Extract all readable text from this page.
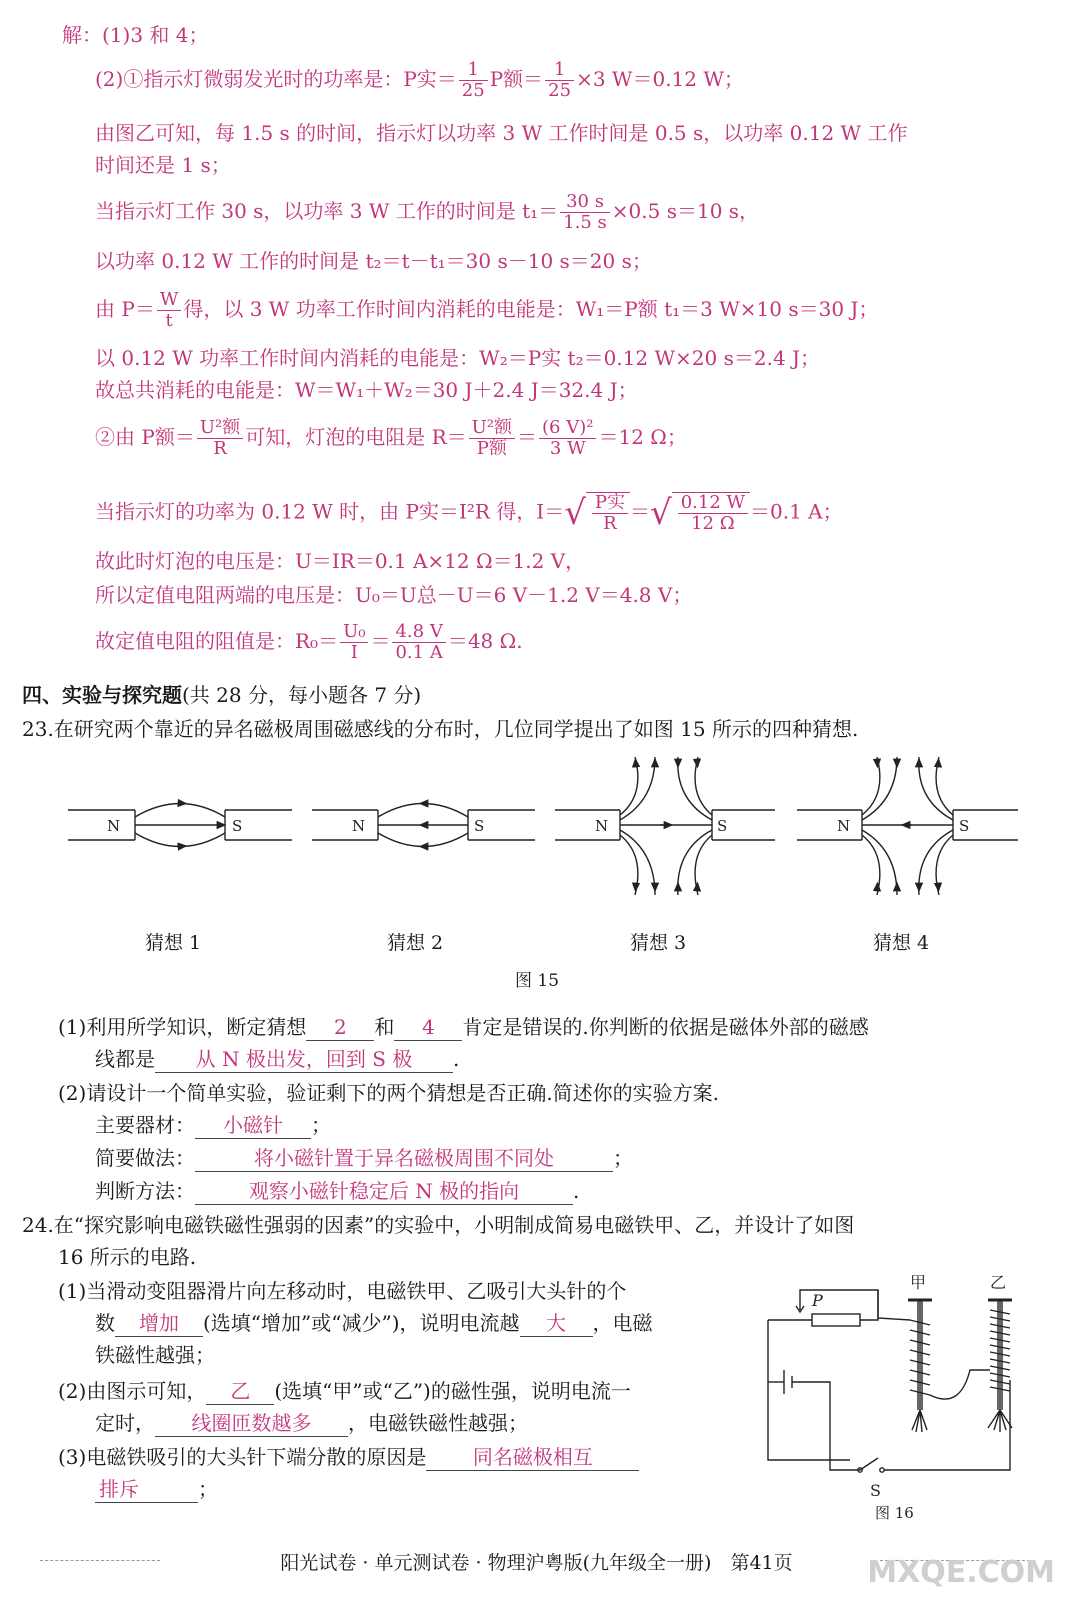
解：(1)3 和 4；
(2)①指示灯微弱发光时的功率是：P实＝ $\frac{1}{25}$ P额＝ $\frac{1}{25} \times 3$ W＝0.12 W；
由图乙可知，每 1.5 s 的时间，指示灯以功率 3 W 工作时间是 0.5 s，以功率 0.12 W 工作
时间还是 1 s；
当指示灯工作 30 s，以功率 3 W 工作的时间是 $t_1= \frac{30 s}{1.5 s} \times 0.5$ s＝10 s，
以功率 0.12 W 工作的时间是 t₂＝t－t₁＝30 s－10 s＝20 s；
由 $P= \frac{W}{t}$ 得，以 3 W 功率工作时间内消耗的电能是：W₁＝P额 t₁＝3 W×10 s＝30 J；
以 0.12 W 功率工作时间内消耗的电能是：W₂＝P实 t₂＝0.12 W×20 s＝2.4 J；
故总共消耗的电能是：W＝W₁＋W₂＝30 J＋2.4 J＝32.4 J；
②由 P额＝ $\frac{\text{U²额}}{R}$ 可知，灯泡的电阻是 $R= \frac{\text{U²额}}{\text{P额}} = \frac{\text{(6 V)²}}{3 W} =12$ Ω；
当指示灯的功率为 0.12 W 时，由 P实＝I²R 得，$I=√ \frac{\text{P实}}{R}$ ＝√ $\frac{0.12 W}{12 \Omega} =0.1$ A；
故此时灯泡的电压是：U＝IR＝0.1 A×12 Ω＝1.2 V，
所以定值电阻两端的电压是：U₀＝U总－U＝6 V－1.2 V＝4.8 V；
故定值电阻的阻值是：$R_0= \frac{\text{U₀}}{I} = \frac{4.8 V}{0.1 A} =48$ Ω.
四、实验与探究题(共 28 分，每小题各 7 分)
23.在研究两个靠近的异名磁极周围磁感线的分布时，几位同学提出了如图 15 所示的四种猜想.
N	S	N	S	N	S	N	S
猜想 1	猜想 2	猜想 3	猜想 4
图 15
(1)利用所学知识，断定猜想 2 和 4 肯定是错误的.你判断的依据是磁体外部的磁感
线都是 从 N 极出发，回到 S 极 .
(2)请设计一个简单实验，验证剩下的两个猜想是否正确.简述你的实验方案.
主要器材： 小磁针 ；
简要做法：	将小磁针置于异名磁极周围不同处	；
判断方法：	观察小磁针稳定后 N 极的指向	.
24.在“探究影响电磁铁磁性强弱的因素”的实验中，小明制成简易电磁铁甲、乙，并设计了如图
16 所示的电路.
(1)当滑动变阻器滑片向左移动时，电磁铁甲、乙吸引大头针的个
数 增加 (选填“增加”或“减少”)，说明电流越 大 ，电磁
铁磁性越强；
(2)由图示可知， 乙 (选填“甲”或“乙”)的磁性强，说明电流一
定时， 线圈匝数越多 ，电磁铁磁性越强；
(3)电磁铁吸引的大头针下端分散的原因是 同名磁极相互
排斥	；
P
甲	乙
S
图 16
阳光试卷 · 单元测试卷 · 物理沪粤版(九年级全一册)　第41页	MXQE.COM
